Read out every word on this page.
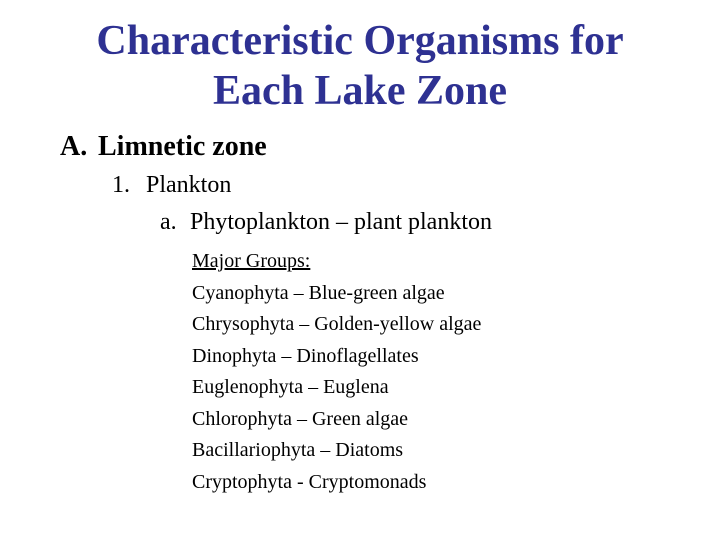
Characteristic Organisms for
Each Lake Zone
A. Limnetic zone
1. Plankton
a. Phytoplankton – plant plankton
Major Groups:
Cyanophyta – Blue-green algae
Chrysophyta – Golden-yellow algae
Dinophyta – Dinoflagellates
Euglenophyta – Euglena
Chlorophyta – Green algae
Bacillariophyta – Diatoms
Cryptophyta - Cryptomonads
